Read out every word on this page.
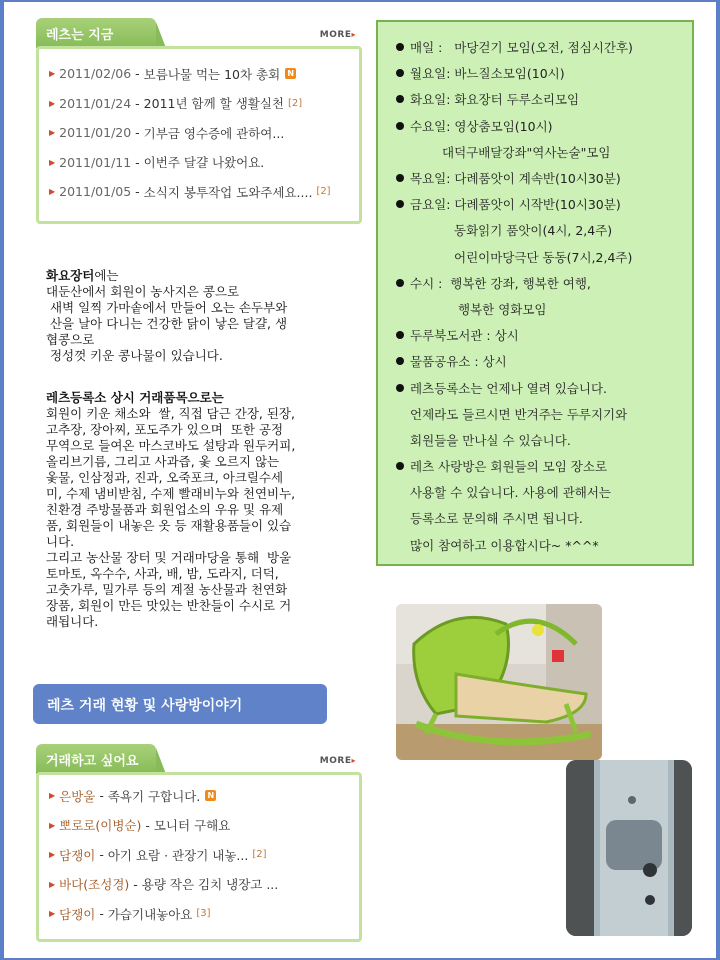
레츠는 지금	MORE▸
▶ 2011/02/06 - 보름나물 먹는 10차 총회 N
▶ 2011/01/24 - 2011년 함께 할 생활실천 [2]
▶ 2011/01/20 - 기부금 영수증에 관하여...
▶ 2011/01/11 - 이번주 달걀 나왔어요.
▶ 2011/01/05 - 소식지 봉투작업 도와주세요.... [2]
화요장터에는
대둔산에서 회원이 농사지은 콩으로
새벽 일찍 가마솥에서 만들어 오는 손두부와
산을 날아 다니는 건강한 닭이 낳은 달걀, 생
협콩으로
정성껏 키운 콩나물이 있습니다.
레츠등록소 상시 거래품목으로는
회원이 키운 채소와  쌀, 직접 담근 간장, 된장,
고추장, 장아찌, 포도주가 있으며  또한 공정
무역으로 들여온 마스코바도 설탕과 원두커피,
올리브기름, 그리고 사과즙, 옻 오르지 않는
옻물, 인삼정과, 진과, 오죽포크, 아크릴수세
미, 수제 냄비받침, 수제 빨래비누와 천연비누,
친환경 주방물품과 회원업소의 우유 및 유제
품, 회원들이 내놓은 옷 등 재활용품들이 있습
니다.
그리고 농산물 장터 및 거래마당을 통해  방울
토마토, 옥수수, 사과, 배, 밤, 도라지, 더덕,
고춧가루, 밀가루 등의 계절 농산물과 천연화
장품, 회원이 만든 맛있는 반찬들이 수시로 거
래됩니다.
레츠 거래 현황 및 사랑방이야기
거래하고 싶어요	MORE▸
▶ 은방울 - 족욕기 구합니다. N
▶ 뽀로로(이병순) - 모니터 구해요
▶ 담쟁이 - 아기 요람 · 관장기 내놓... [2]
▶ 바다(조성경) - 용량 작은 김치 냉장고 ...
▶ 담쟁이 - 가습기내놓아요 [3]
매일 :   마당걷기 모임(오전, 점심시간후)
월요일: 바느질소모임(10시)
화요일: 화요장터 두루소리모임
수요일: 영상춤모임(10시)
대덕구배달강좌"역사논술"모임
목요일: 다례품앗이 계속반(10시30분)
금요일: 다례품앗이 시작반(10시30분)
동화읽기 품앗이(4시, 2,4주)
어린이마당극단 동동(7시,2,4주)
수시 :  행복한 강좌, 행복한 여행,
행복한 영화모임
두루북도서관 : 상시
물품공유소 : 상시
레츠등록소는 언제나 열려 있습니다.
언제라도 들르시면 반겨주는 두루지기와
회원들을 만나실 수 있습니다.
레츠 사랑방은 회원들의 모임 장소로
사용할 수 있습니다. 사용에 관해서는
등록소로 문의해 주시면 됩니다.
많이 참여하고 이용합시다~ *^^*
